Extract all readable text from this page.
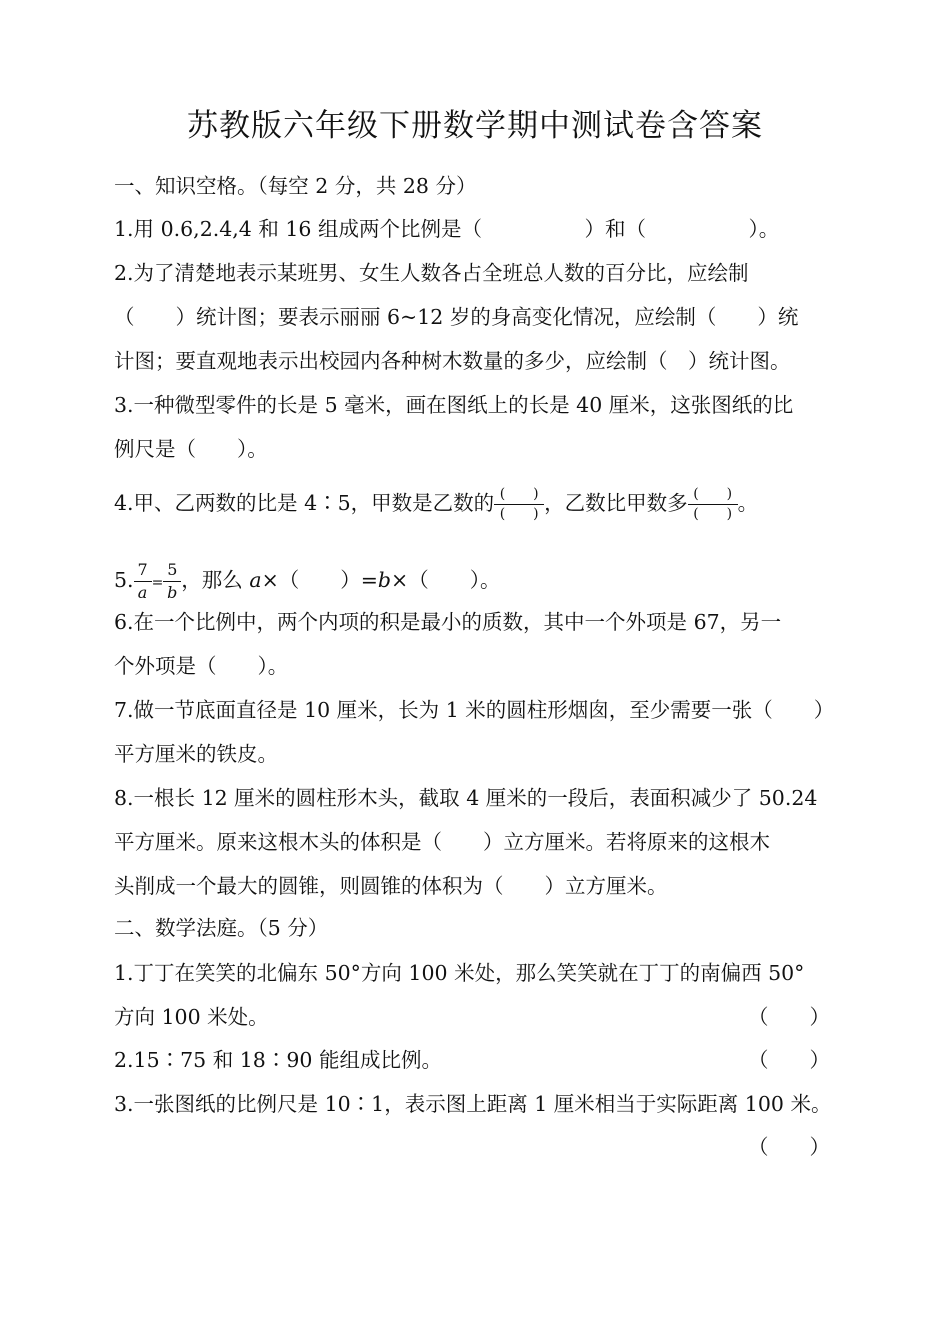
苏教版六年级下册数学期中测试卷含答案
一、知识空格。（每空 2 分，共 28 分）
1.用 0.6,2.4,4 和 16 组成两个比例是（　　　　　）和（　　　　　）。
2.为了清楚地表示某班男、女生人数各占全班总人数的百分比，应绘制
（　　）统计图；要表示丽丽 6~12 岁的身高变化情况，应绘制（　　）统
计图；要直观地表示出校园内各种树木数量的多少，应绘制（　）统计图。
3.一种微型零件的长是 5 毫米，画在图纸上的长是 40 厘米，这张图纸的比
例尺是（　　）。
4.甲、乙两数的比是 4∶5，甲数是乙数的 $\frac{( )}{( )}$ ，乙数比甲数多 $\frac{( )}{( )}$ 。
5. $\frac{7}{a} = \frac{5}{b}$ ，那么 a×（　　）=b×（　　）。
6.在一个比例中，两个内项的积是最小的质数，其中一个外项是 67，另一
个外项是（　　）。
7.做一节底面直径是 10 厘米，长为 1 米的圆柱形烟囱，至少需要一张（　　）
平方厘米的铁皮。
8.一根长 12 厘米的圆柱形木头，截取 4 厘米的一段后，表面积减少了 50.24
平方厘米。原来这根木头的体积是（　　）立方厘米。若将原来的这根木
头削成一个最大的圆锥，则圆锥的体积为（　　）立方厘米。
二、数学法庭。（5 分）
1.丁丁在笑笑的北偏东 50°方向 100 米处，那么笑笑就在丁丁的南偏西 50°
方向 100 米处。	（　　）
2.15∶75 和 18∶90 能组成比例。	（　　）
3.一张图纸的比例尺是 10∶1，表示图上距离 1 厘米相当于实际距离 100 米。
（　　）
